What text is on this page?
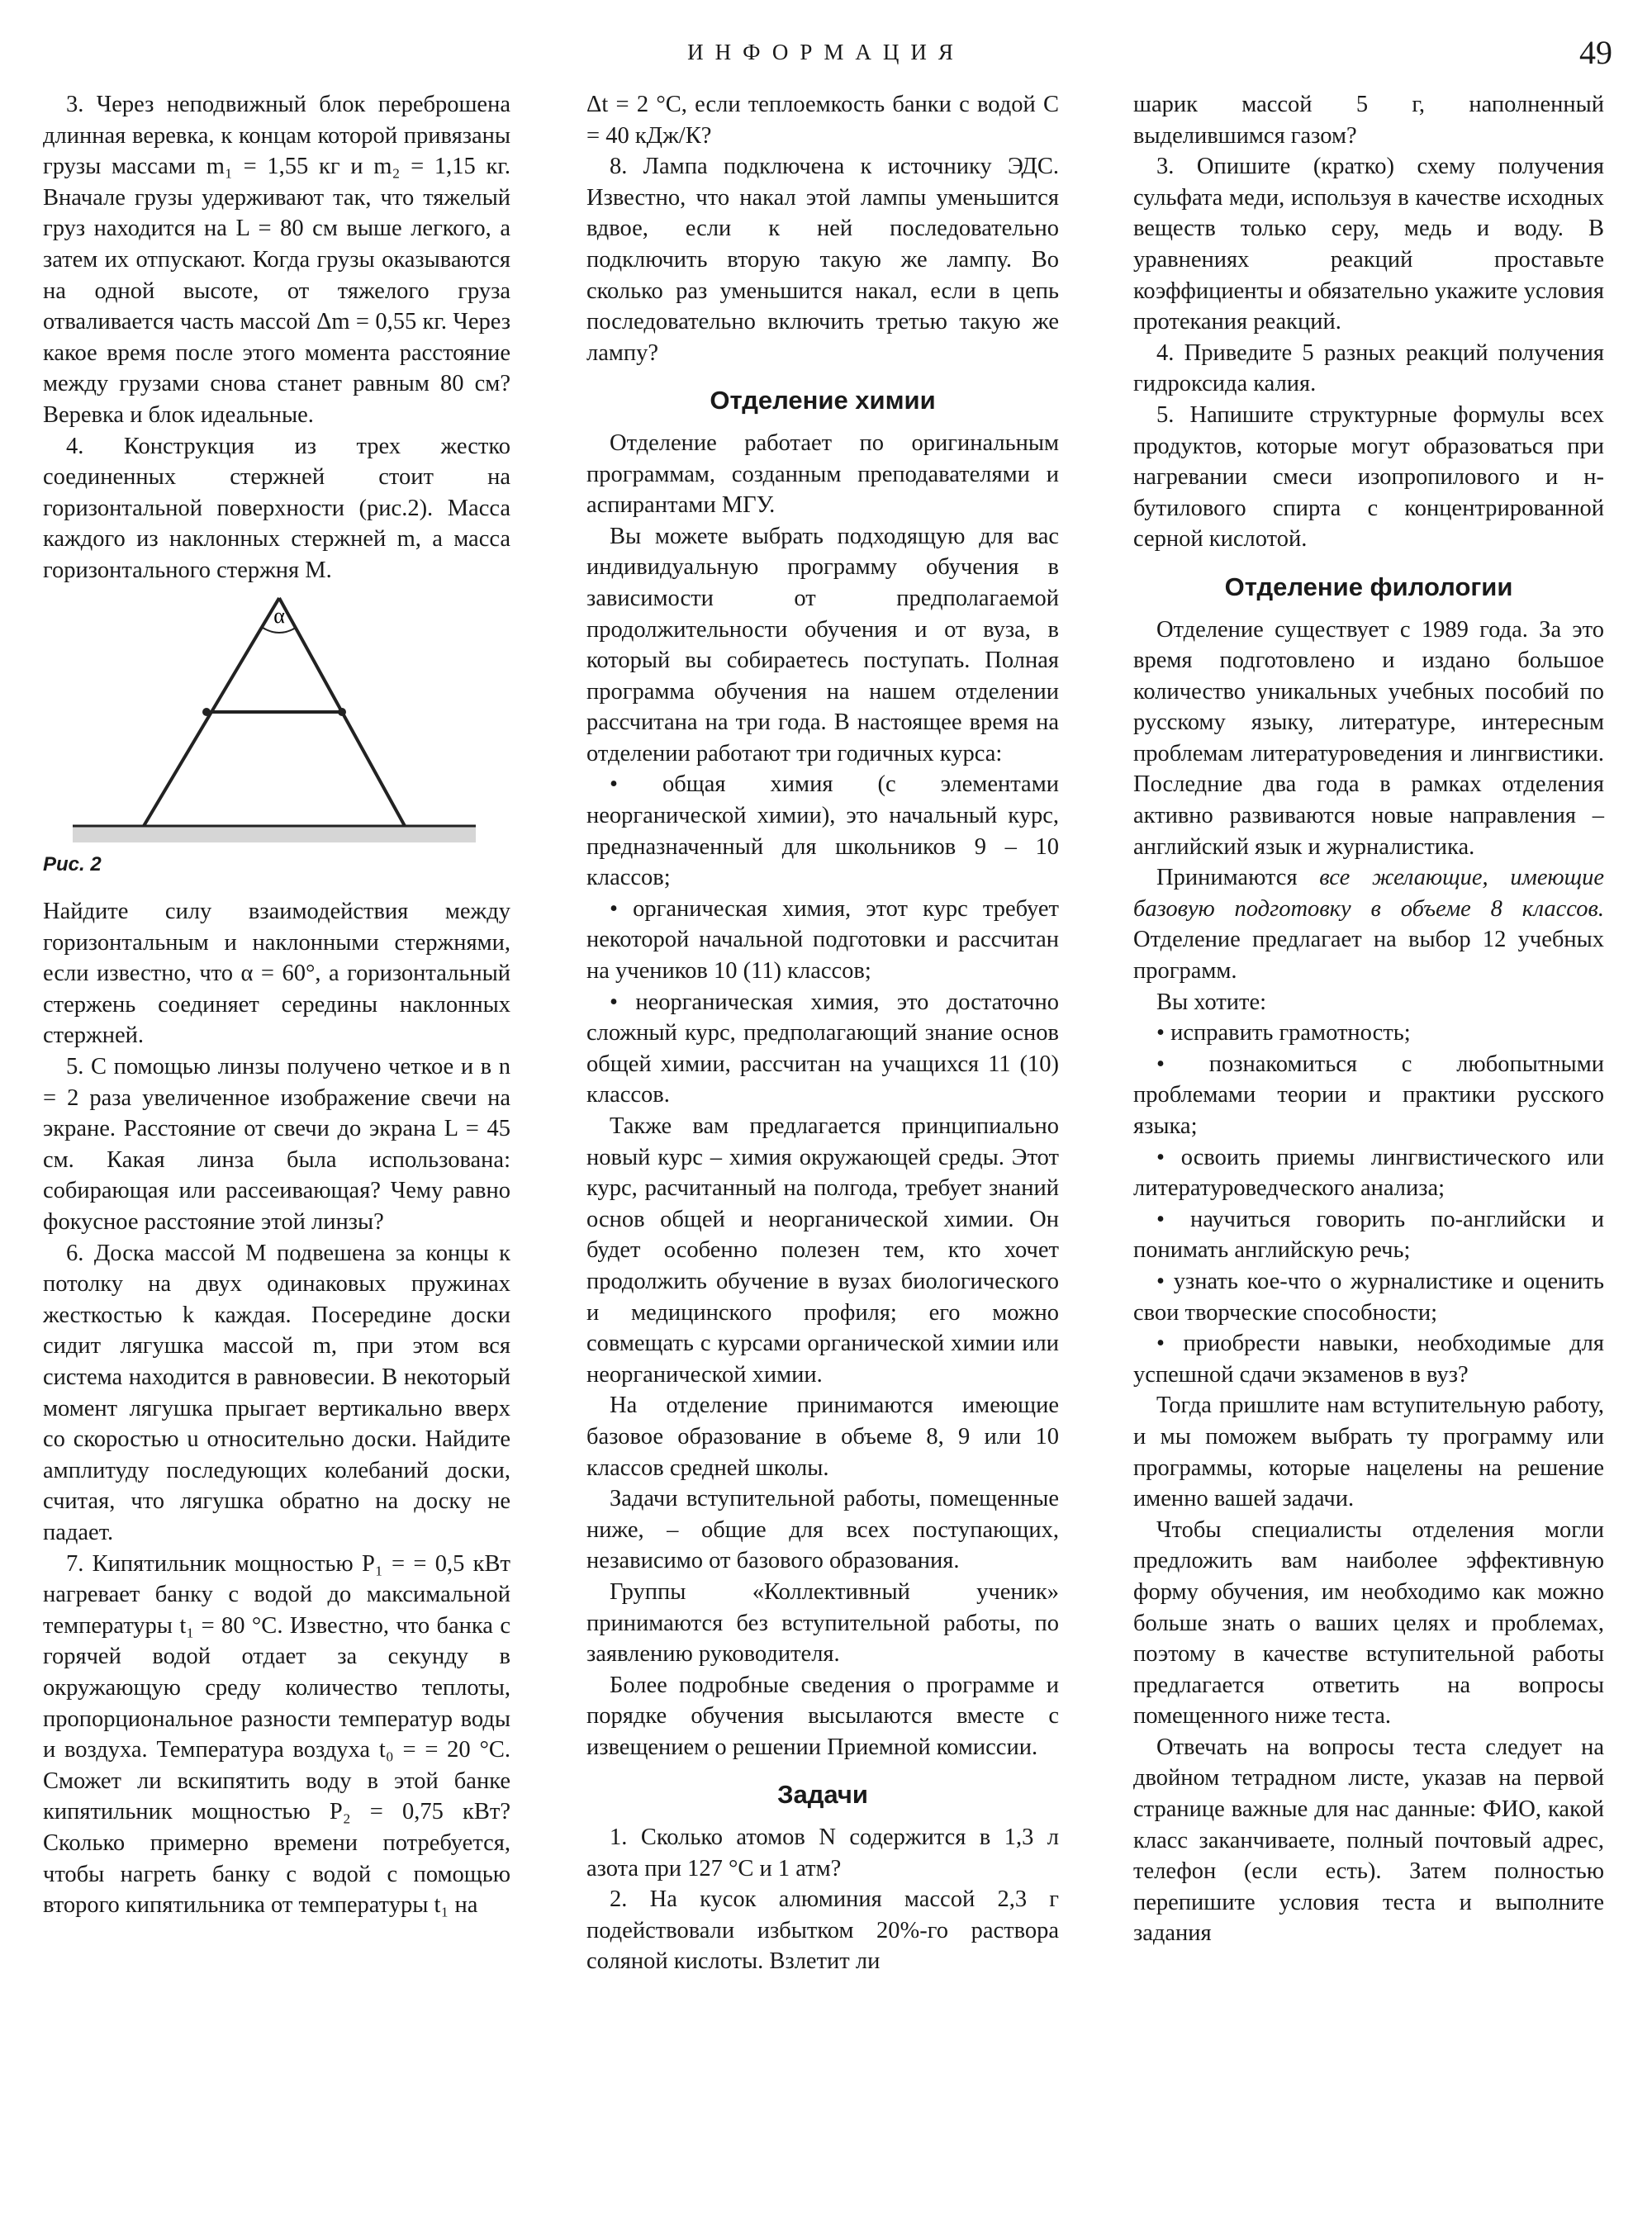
ИНФОРМАЦИЯ	49

3. Через неподвижный блок переброшена длинная веревка, к концам которой привязаны грузы массами m₁ = 1,55 кг и m₂ = 1,15 кг. Вначале грузы удерживают так, что тяжелый груз находится на L = 80 см выше легкого, а затем их отпускают. Когда грузы оказываются на одной высоте, от тяжелого груза отваливается часть массой Δm = 0,55 кг. Через какое время после этого момента расстояние между грузами снова станет равным 80 см? Веревка и блок идеальные.

4. Конструкция из трех жестко соединенных стержней стоит на горизонтальной поверхности (рис.2). Масса каждого из наклонных стержней m, а масса горизонтального стержня M.

α
Рис. 2

Найдите силу взаимодействия между горизонтальным и наклонными стержнями, если известно, что α = 60°, а горизонтальный стержень соединяет середины наклонных стержней.

5. С помощью линзы получено четкое и в n = 2 раза увеличенное изображение свечи на экране. Расстояние от свечи до экрана L = 45 см. Какая линза была использована: собирающая или рассеивающая? Чему равно фокусное расстояние этой линзы?

6. Доска массой M подвешена за концы к потолку на двух одинаковых пружинах жесткостью k каждая. Посередине доски сидит лягушка массой m, при этом вся система находится в равновесии. В некоторый момент лягушка прыгает вертикально вверх со скоростью u относительно доски. Найдите амплитуду последующих колебаний доски, считая, что лягушка обратно на доску не падает.

7. Кипятильник мощностью P₁ = = 0,5 кВт нагревает банку с водой до максимальной температуры t₁ = 80 °С. Известно, что банка с горячей водой отдает за секунду в окружающую среду количество теплоты, пропорциональное разности температур воды и воздуха. Температура воздуха t₀ = = 20 °С. Сможет ли вскипятить воду в этой банке кипятильник мощностью P₂ = 0,75 кВт? Сколько примерно времени потребуется, чтобы нагреть банку с водой с помощью второго кипятильника от температуры t₁ на

Δt = 2 °С, если теплоемкость банки с водой C = 40 кДж/К?

8. Лампа подключена к источнику ЭДС. Известно, что накал этой лампы уменьшится вдвое, если к ней последовательно подключить вторую такую же лампу. Во сколько раз уменьшится накал, если в цепь последовательно включить третью такую же лампу?

Отделение химии

Отделение работает по оригинальным программам, созданным преподавателями и аспирантами МГУ.

Вы можете выбрать подходящую для вас индивидуальную программу обучения в зависимости от предполагаемой продолжительности обучения и от вуза, в который вы собираетесь поступать. Полная программа обучения на нашем отделении рассчитана на три года. В настоящее время на отделении работают три годичных курса:

• общая химия (с элементами неорганической химии), это начальный курс, предназначенный для школьников 9 – 10 классов;

• органическая химия, этот курс требует некоторой начальной подготовки и рассчитан на учеников 10 (11) классов;

• неорганическая химия, это достаточно сложный курс, предполагающий знание основ общей химии, рассчитан на учащихся 11 (10) классов.

Также вам предлагается принципиально новый курс – химия окружающей среды. Этот курс, расчитанный на полгода, требует знаний основ общей и неорганической химии. Он будет особенно полезен тем, кто хочет продолжить обучение в вузах биологического и медицинского профиля; его можно совмещать с курсами органической химии или неорганической химии.

На отделение принимаются имеющие базовое образование в объеме 8, 9 или 10 классов средней школы.

Задачи вступительной работы, помещенные ниже, – общие для всех поступающих, независимо от базового образования.

Группы «Коллективный ученик» принимаются без вступительной работы, по заявлению руководителя.

Более подробные сведения о программе и порядке обучения высылаются вместе с извещением о решении Приемной комиссии.

Задачи

1. Сколько атомов N содержится в 1,3 л азота при 127 °С и 1 атм?

2. На кусок алюминия массой 2,3 г подействовали избытком 20%-го раствора соляной кислоты. Взлетит ли

шарик массой 5 г, наполненный выделившимся газом?

3. Опишите (кратко) схему получения сульфата меди, используя в качестве исходных веществ только серу, медь и воду. В уравнениях реакций проставьте коэффициенты и обязательно укажите условия протекания реакций.

4. Приведите 5 разных реакций получения гидроксида калия.

5. Напишите структурные формулы всех продуктов, которые могут образоваться при нагревании смеси изопропилового и н-бутилового спирта с концентрированной серной кислотой.

Отделение филологии

Отделение существует с 1989 года. За это время подготовлено и издано большое количество уникальных учебных пособий по русскому языку, литературе, интересным проблемам литературоведения и лингвистики. Последние два года в рамках отделения активно развиваются новые направления – английский язык и журналистика.

Принимаются все желающие, имеющие базовую подготовку в объеме 8 классов. Отделение предлагает на выбор 12 учебных программ.

Вы хотите:

• исправить грамотность;

• познакомиться с любопытными проблемами теории и практики русского языка;

• освоить приемы лингвистического или литературоведческого анализа;

• научиться говорить по-английски и понимать английскую речь;

• узнать кое-что о журналистике и оценить свои творческие способности;

• приобрести навыки, необходимые для успешной сдачи экзаменов в вуз?

Тогда пришлите нам вступительную работу, и мы поможем выбрать ту программу или программы, которые нацелены на решение именно вашей задачи.

Чтобы специалисты отделения могли предложить вам наиболее эффективную форму обучения, им необходимо как можно больше знать о ваших целях и проблемах, поэтому в качестве вступительной работы предлагается ответить на вопросы помещенного ниже теста.

Отвечать на вопросы теста следует на двойном тетрадном листе, указав на первой странице важные для нас данные: ФИО, какой класс заканчиваете, полный почтовый адрес, телефон (если есть). Затем полностью перепишите условия теста и выполните задания
